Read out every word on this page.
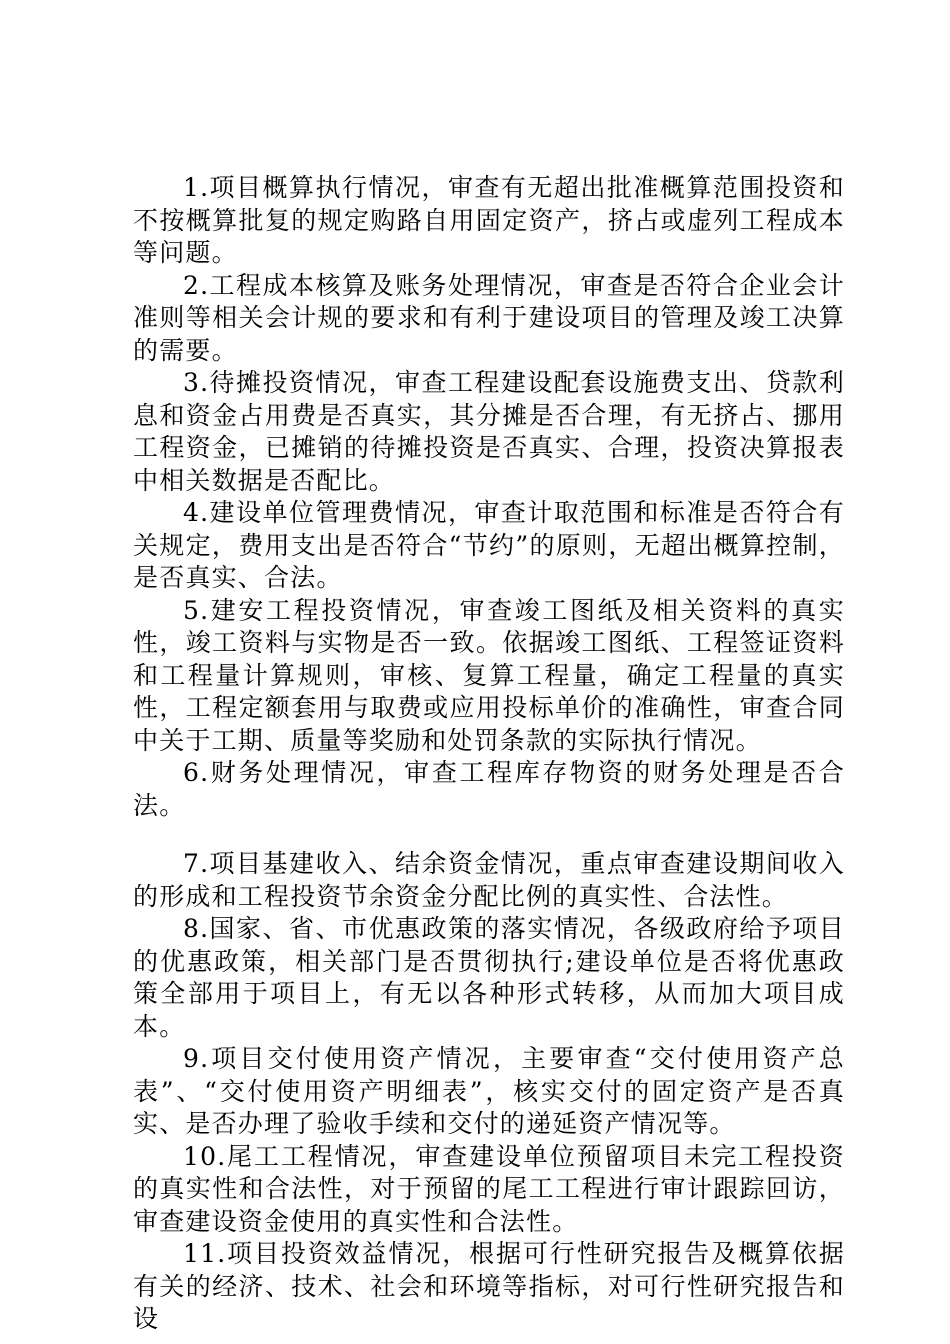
1.项目概算执行情况，审查有无超出批准概算范围投资和不按概算批复的规定购路自用固定资产，挤占或虚列工程成本等问题。

2.工程成本核算及账务处理情况，审查是否符合企业会计准则等相关会计规的要求和有利于建设项目的管理及竣工决算的需要。

3.待摊投资情况，审查工程建设配套设施费支出、贷款利息和资金占用费是否真实，其分摊是否合理，有无挤占、挪用工程资金，已摊销的待摊投资是否真实、合理，投资决算报表中相关数据是否配比。

4.建设单位管理费情况，审查计取范围和标准是否符合有关规定，费用支出是否符合“节约”的原则，无超出概算控制，是否真实、合法。

5.建安工程投资情况，审查竣工图纸及相关资料的真实性，竣工资料与实物是否一致。依据竣工图纸、工程签证资料和工程量计算规则，审核、复算工程量，确定工程量的真实性，工程定额套用与取费或应用投标单价的准确性，审查合同中关于工期、质量等奖励和处罚条款的实际执行情况。

6.财务处理情况，审查工程库存物资的财务处理是否合法。

7.项目基建收入、结余资金情况，重点审查建设期间收入的形成和工程投资节余资金分配比例的真实性、合法性。

8.国家、省、市优惠政策的落实情况，各级政府给予项目的优惠政策，相关部门是否贯彻执行;建设单位是否将优惠政策全部用于项目上，有无以各种形式转移，从而加大项目成本。

9.项目交付使用资产情况，主要审查“交付使用资产总表”、“交付使用资产明细表”，核实交付的固定资产是否真实、是否办理了验收手续和交付的递延资产情况等。

10.尾工工程情况，审查建设单位预留项目未完工程投资的真实性和合法性，对于预留的尾工工程进行审计跟踪回访，审查建设资金使用的真实性和合法性。

11.项目投资效益情况，根据可行性研究报告及概算依据有关的经济、技术、社会和环境等指标，对可行性研究报告和设
